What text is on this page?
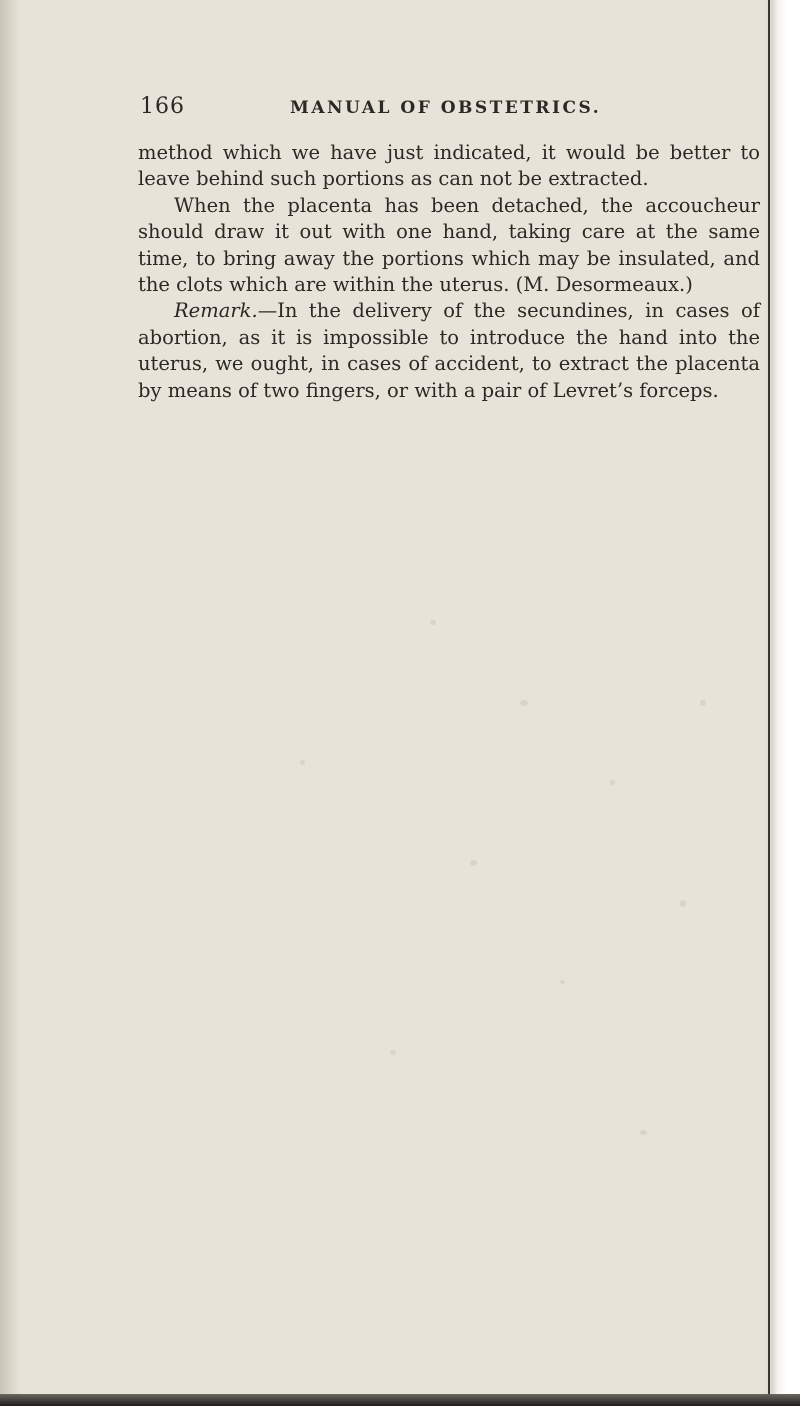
166	MANUAL OF OBSTETRICS.

method which we have just indicated, it would be better to leave behind such portions as can not be extracted.

When the placenta has been detached, the accoucheur should draw it out with one hand, taking care at the same time, to bring away the portions which may be insulated, and the clots which are within the uterus. (M. Desormeaux.)

Remark.—In the delivery of the secundines, in cases of abortion, as it is impossible to introduce the hand into the uterus, we ought, in cases of accident, to extract the placenta by means of two fingers, or with a pair of Levret’s forceps.
